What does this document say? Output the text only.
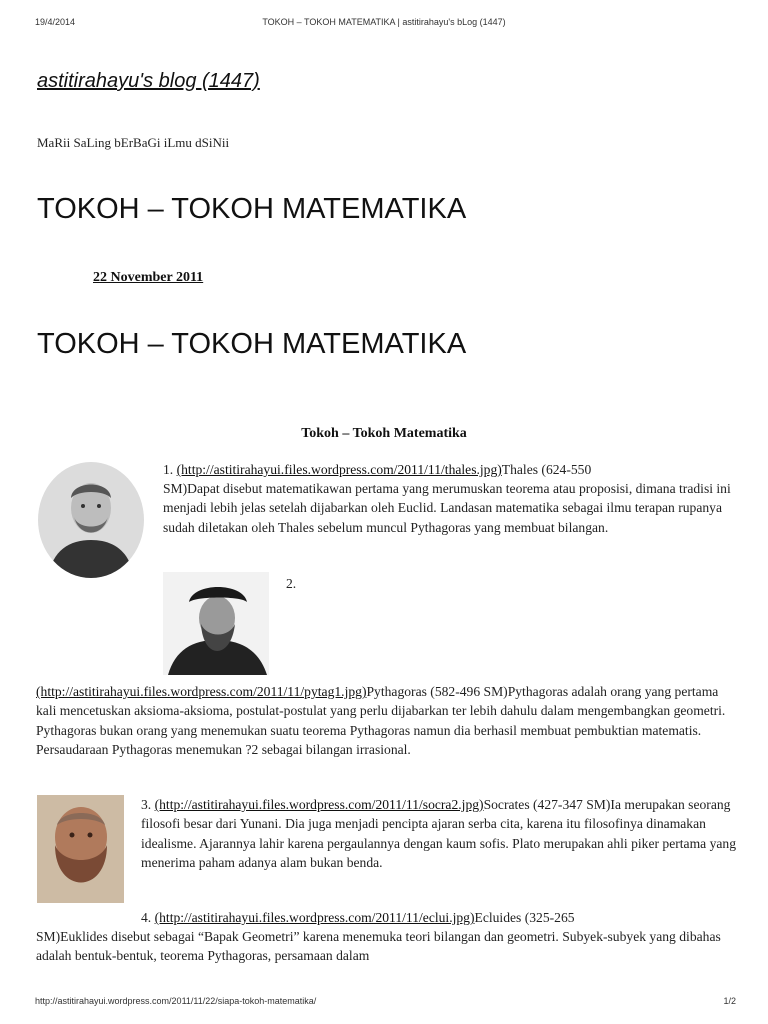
19/4/2014	TOKOH – TOKOH MATEMATIKA | astitirahayu's bLog (1447)
astitirahayu's blog (1447)
MaRii SaLing bErBaGi iLmu dSiNii
TOKOH – TOKOH MATEMATIKA
22 November 2011
TOKOH – TOKOH MATEMATIKA
Tokoh – Tokoh Matematika
1. (http://astitirahayui.files.wordpress.com/2011/11/thales.jpg)Thales (624-550
SM)Dapat disebut matematikawan pertama yang merumuskan teorema atau proposisi, dimana tradisi ini menjadi lebih jelas setelah dijabarkan oleh Euclid. Landasan matematika sebagai ilmu terapan rupanya sudah diletakan oleh Thales sebelum muncul Pythagoras yang membuat bilangan.
2.
(http://astitirahayui.files.wordpress.com/2011/11/pytag1.jpg)Pythagoras (582-496 SM)Pythagoras adalah orang yang pertama kali mencetuskan aksioma-aksioma, postulat-postulat yang perlu dijabarkan ter lebih dahulu dalam mengembangkan geometri. Pythagoras bukan orang yang menemukan suatu teorema Pythagoras namun dia berhasil membuat pembuktian matematis. Persaudaraan Pythagoras menemukan ?2 sebagai bilangan irrasional.
3. (http://astitirahayui.files.wordpress.com/2011/11/socra2.jpg)Socrates (427-347 SM)Ia merupakan seorang filosofi besar dari Yunani. Dia juga menjadi pencipta ajaran serba cita, karena itu filosofinya dinamakan idealisme. Ajarannya lahir karena pergaulannya dengan kaum sofis. Plato merupakan ahli piker pertama yang menerima paham adanya alam bukan benda.
4. (http://astitirahayui.files.wordpress.com/2011/11/eclui.jpg)Ecluides (325-265
SM)Euklides disebut sebagai “Bapak Geometri” karena menemuka teori bilangan dan geometri. Subyek-subyek yang dibahas adalah bentuk-bentuk, teorema Pythagoras, persamaan dalam
http://astitirahayui.wordpress.com/2011/11/22/siapa-tokoh-matematika/	1/2
